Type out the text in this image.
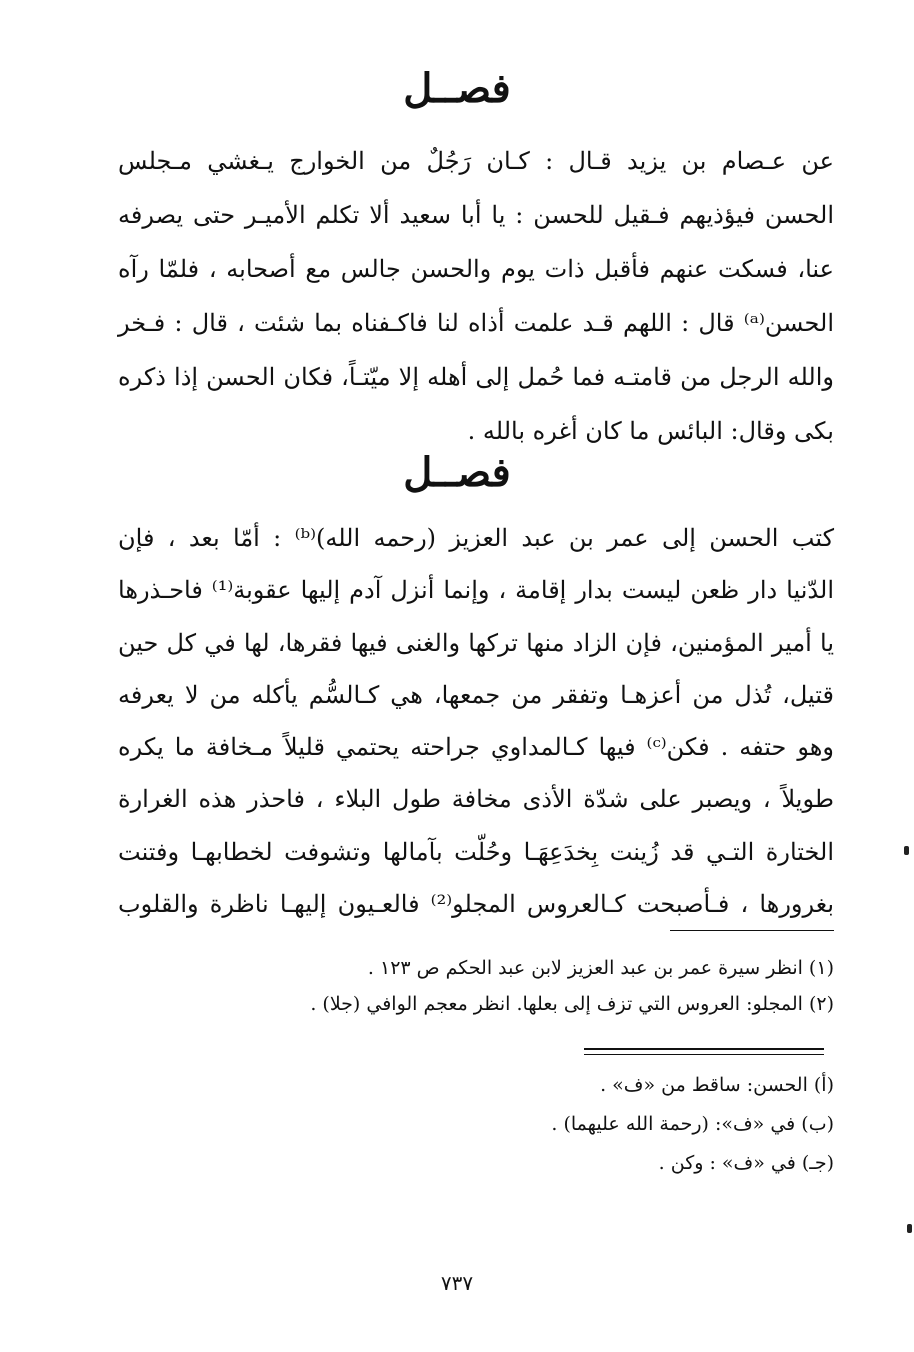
فصــل
عن عـصام بن يزيد قـال : كـان رَجُلٌ من الخوارج يـغشي مـجلس
الحسن فيؤذيهم فـقيل للحسن : يا أبا سعيد ألا تكلم الأميـر حتى يصرفه
عنا، فسكت عنهم فأقبل ذات يوم والحسن جالس مع أصحابه ، فلمّا رآه
الحسن⁽ᵃ⁾ قال : اللهم قـد علمت أذاه لنا فاكـفناه بما شئت ، قال : فـخر
والله الرجل من قامتـه فما حُمل إلى أهله إلا ميّتـاً، فكان الحسن إذا ذكره
بكى وقال: البائس ما كان أغره بالله .
فصــل
كتب الحسن إلى عمر بن عبد العزيز (رحمه الله)⁽ᵇ⁾ : أمّا بعد ، فإن
الدّنيا دار ظعن ليست بدار إقامة ، وإنما أنزل آدم إليها عقوبة⁽¹⁾ فاحـذرها
يا أمير المؤمنين، فإن الزاد منها تركها والغنى فيها فقرها، لها في كل حين
قتيل، تُذل من أعزهـا وتفقر من جمعها، هي كـالسُّم يأكله من لا يعرفه
وهو حتفه . فكن⁽ᶜ⁾ فيها كـالمداوي جراحته يحتمي قليلاً مـخافة ما يكره
طويلاً ، ويصبر على شدّة الأذى مخافة طول البلاء ، فاحذر هذه الغرارة
الختارة التـي قد زُينت بِخدَعِهَـا وحُلّت بآمالها وتشوفت لخطابهـا وفتنت
بغرورها ، فـأصبحت كـالعروس المجلو⁽²⁾ فالعـيون إليهـا ناظرة والقلوب
(١) انظر سيرة عمر بن عبد العزيز لابن عبد الحكم ص ١٢٣ .
(٢) المجلو: العروس التي تزف إلى بعلها. انظر معجم الوافي (جلا) .
(أ) الحسن: ساقط من «ف» .
(ب) في «ف»: (رحمة الله عليهما) .
(جـ) في «ف» : وكن .
٧٣٧
